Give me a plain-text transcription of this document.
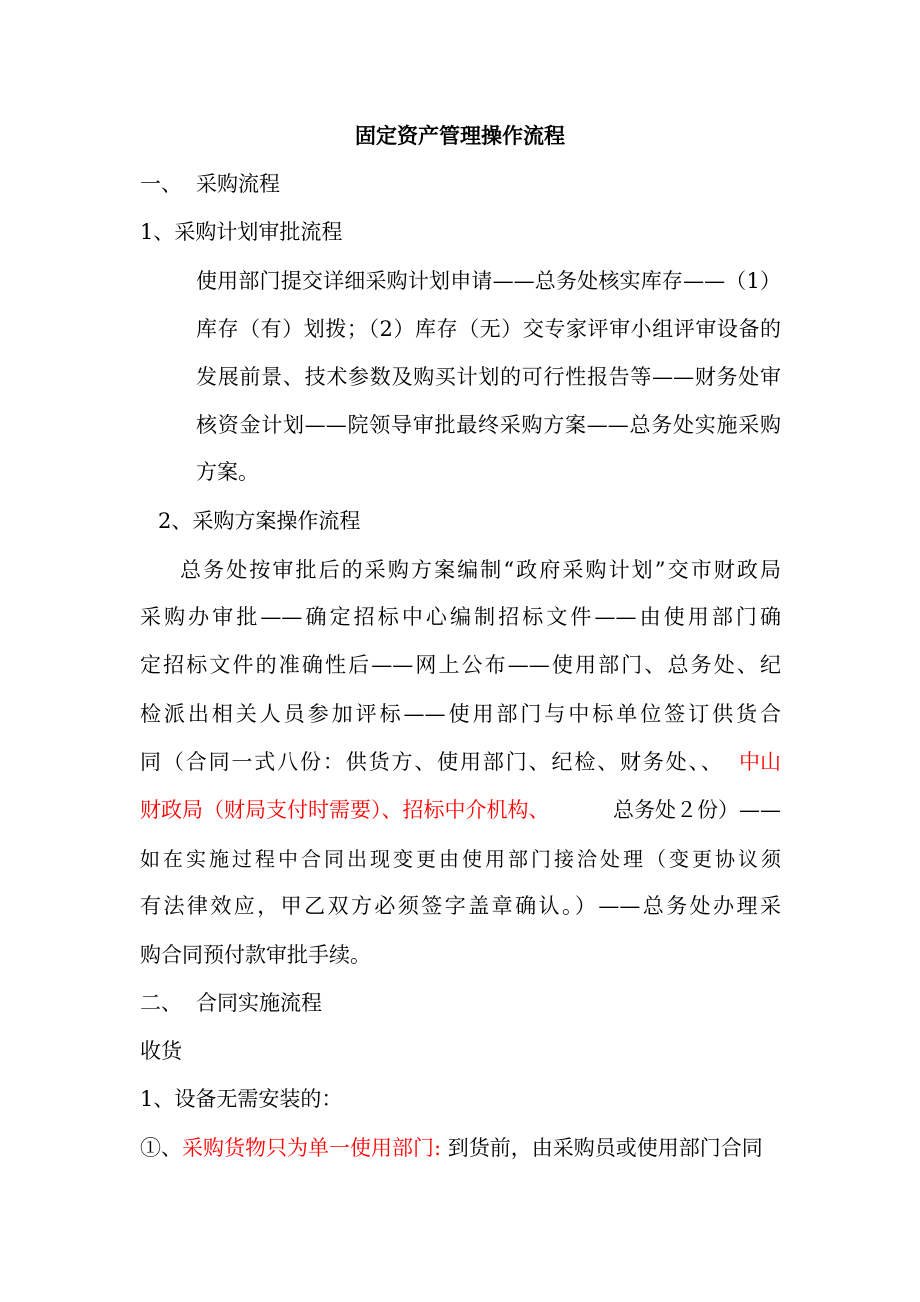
固定资产管理操作流程
一、 采购流程
1、采购计划审批流程
使用部门提交详细采购计划申请——总务处核实库存——（1）
库存（有）划拨；（2）库存（无）交专家评审小组评审设备的
发展前景、技术参数及购买计划的可行性报告等——财务处审
核资金计划——院领导审批最终采购方案——总务处实施采购
方案。
2、采购方案操作流程
总务处按审批后的采购方案编制“政府采购计划”交市财政局
采购办审批——确定招标中心编制招标文件——由使用部门确
定招标文件的准确性后——网上公布——使用部门、总务处、纪
检派出相关人员参加评标——使用部门与中标单位签订供货合
同（合同一式八份：供货方、使用部门、纪检、财务处、、 中山
财政局（财局支付时需要）、招标中介机构、	总务处２份）——
如在实施过程中合同出现变更由使用部门接洽处理（变更协议须
有法律效应，甲乙双方必须签字盖章确认。）——总务处办理采
购合同预付款审批手续。
二、 合同实施流程
收货
1、设备无需安装的：
①、采购货物只为单一使用部门: 到货前，由采购员或使用部门合同
